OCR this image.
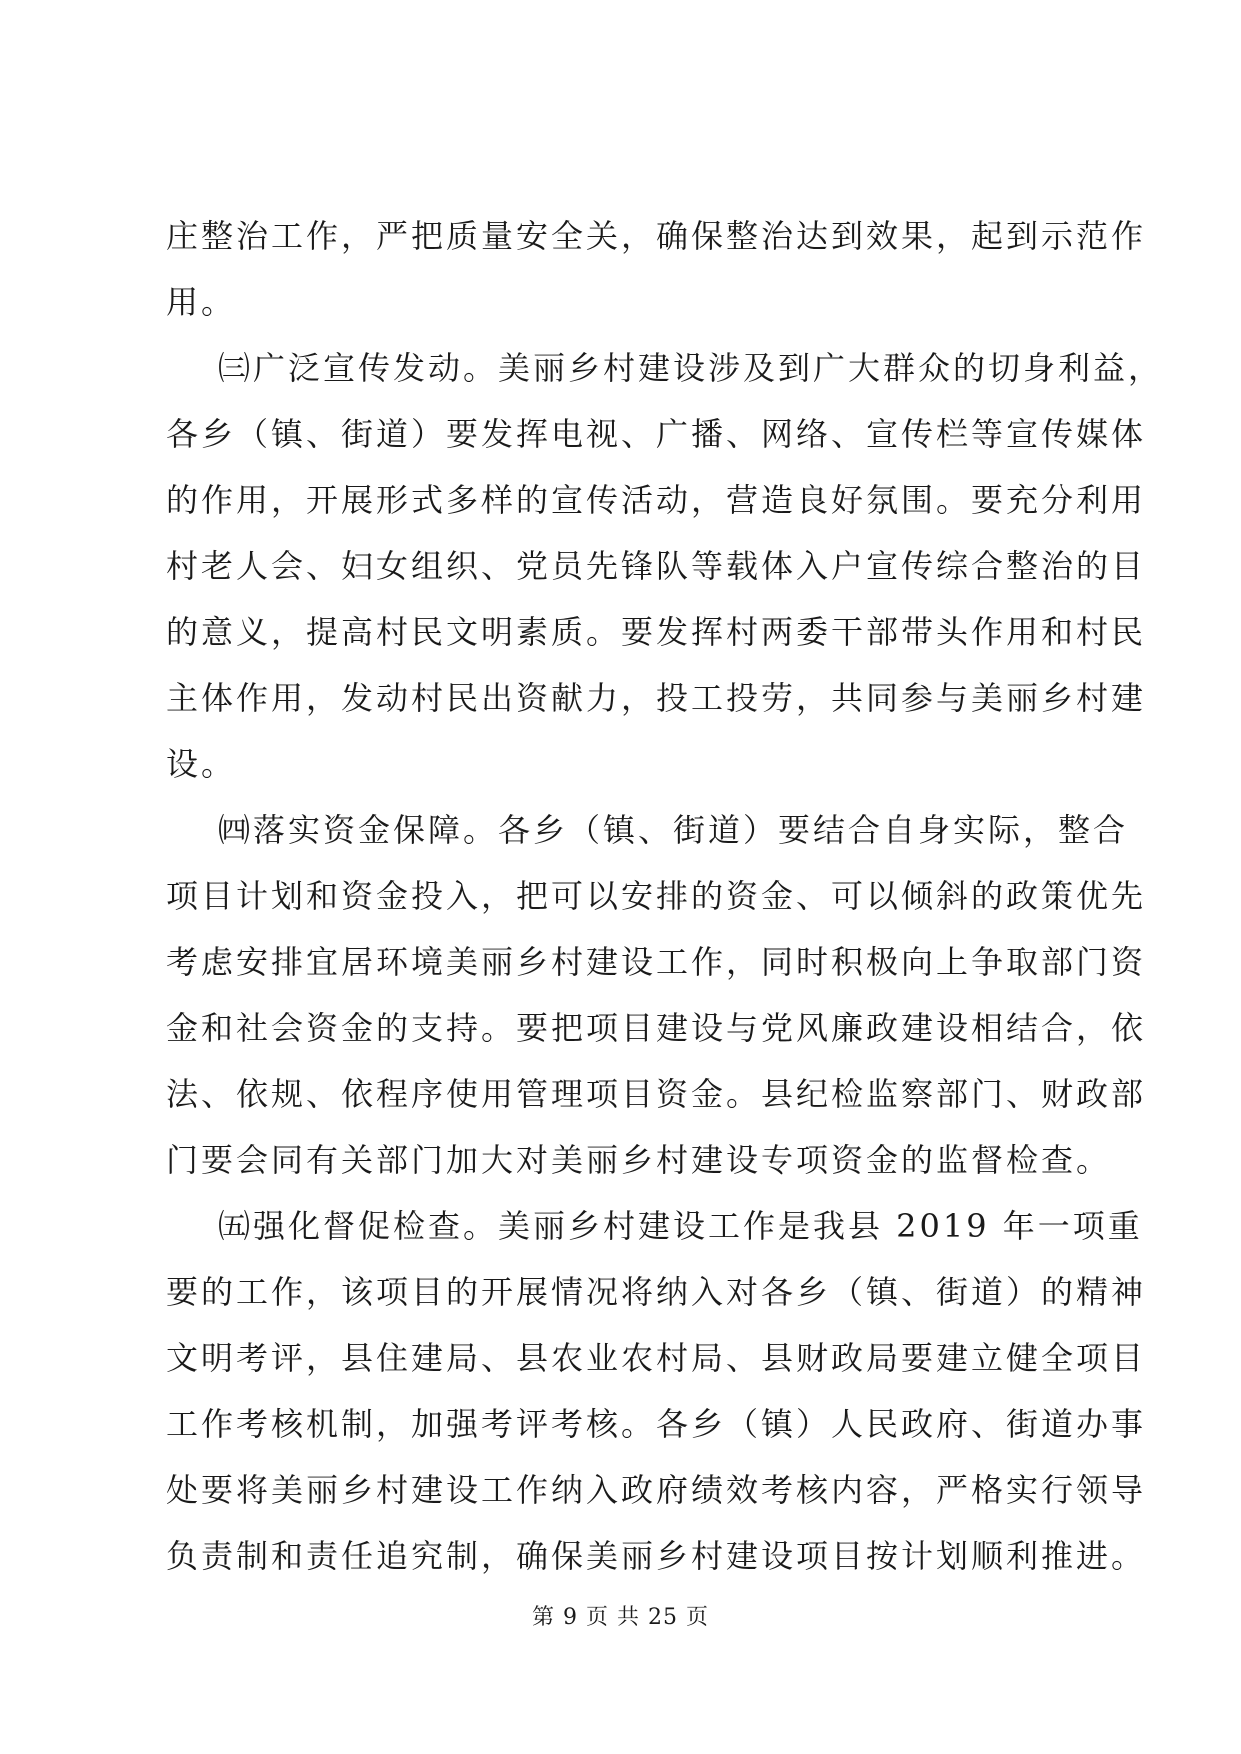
庄整治工作，严把质量安全关，确保整治达到效果，起到示范作
用。
㈢广泛宣传发动。美丽乡村建设涉及到广大群众的切身利益，
各乡（镇、街道）要发挥电视、广播、网络、宣传栏等宣传媒体
的作用，开展形式多样的宣传活动，营造良好氛围。要充分利用
村老人会、妇女组织、党员先锋队等载体入户宣传综合整治的目
的意义，提高村民文明素质。要发挥村两委干部带头作用和村民
主体作用，发动村民出资献力，投工投劳，共同参与美丽乡村建
设。
㈣落实资金保障。各乡（镇、街道）要结合自身实际，整合
项目计划和资金投入，把可以安排的资金、可以倾斜的政策优先
考虑安排宜居环境美丽乡村建设工作，同时积极向上争取部门资
金和社会资金的支持。要把项目建设与党风廉政建设相结合，依
法、依规、依程序使用管理项目资金。县纪检监察部门、财政部
门要会同有关部门加大对美丽乡村建设专项资金的监督检查。
㈤强化督促检查。美丽乡村建设工作是我县 2019 年一项重
要的工作，该项目的开展情况将纳入对各乡（镇、街道）的精神
文明考评，县住建局、县农业农村局、县财政局要建立健全项目
工作考核机制，加强考评考核。各乡（镇）人民政府、街道办事
处要将美丽乡村建设工作纳入政府绩效考核内容，严格实行领导
负责制和责任追究制，确保美丽乡村建设项目按计划顺利推进。
第 9 页 共 25 页
